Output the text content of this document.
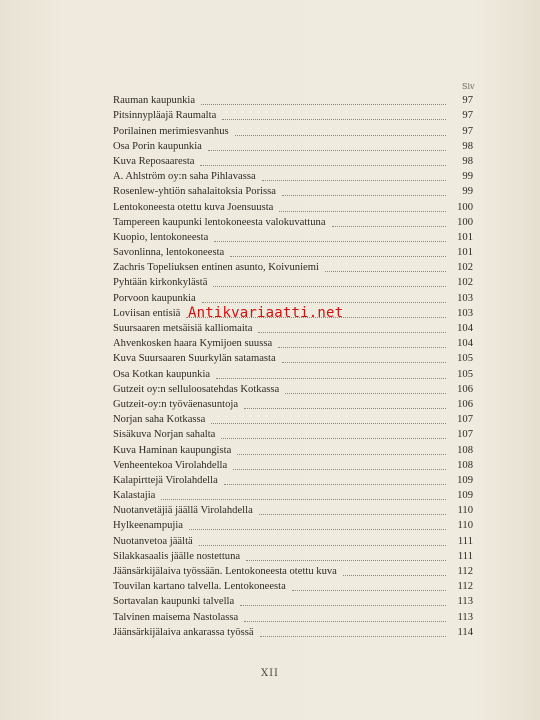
Siv
Rauman kaupunkia	97
Pitsinnypläajä Raumalta	97
Porilainen merimiesvanhus	97
Osa Porin kaupunkia	98
Kuva Reposaaresta	98
A. Ahlström oy:n saha Pihlavassa	99
Rosenlew-yhtiön sahalaitoksia Porissa	99
Lentokoneesta otettu kuva Joensuusta	100
Tampereen kaupunki lentokoneesta valokuvattuna	100
Kuopio, lentokoneesta	101
Savonlinna, lentokoneesta	101
Zachris Topeliuksen entinen asunto, Koivuniemi	102
Pyhtään kirkonkylästä	102
Porvoon kaupunkia	103
Loviisan entisiä	103
Suursaaren metsäisiä kalliomaita	104
Ahvenkosken haara Kymijoen suussa	104
Kuva Suursaaren Suurkylän satamasta	105
Osa Kotkan kaupunkia	105
Gutzeit oy:n selluloosatehdas Kotkassa	106
Gutzeit-oy:n työväenasuntoja	106
Norjan saha Kotkassa	107
Sisäkuva Norjan sahalta	107
Kuva Haminan kaupungista	108
Venheentekoa Virolahdella	108
Kalapirttejä Virolahdella	109
Kalastajia	109
Nuotanvetäjiä jäällä Virolahdella	110
Hylkeenampujia	110
Nuotanvetoa jäältä	111
Silakkasaalis jäälle nostettuna	111
Jäänsärkijälaiva työssään. Lentokoneesta otettu kuva	112
Touvilan kartano talvella. Lentokoneesta	112
Sortavalan kaupunki talvella	113
Talvinen maisema Nastolassa	113
Jäänsärkijälaiva ankarassa työssä	114
Antikvariaatti.net
XII
